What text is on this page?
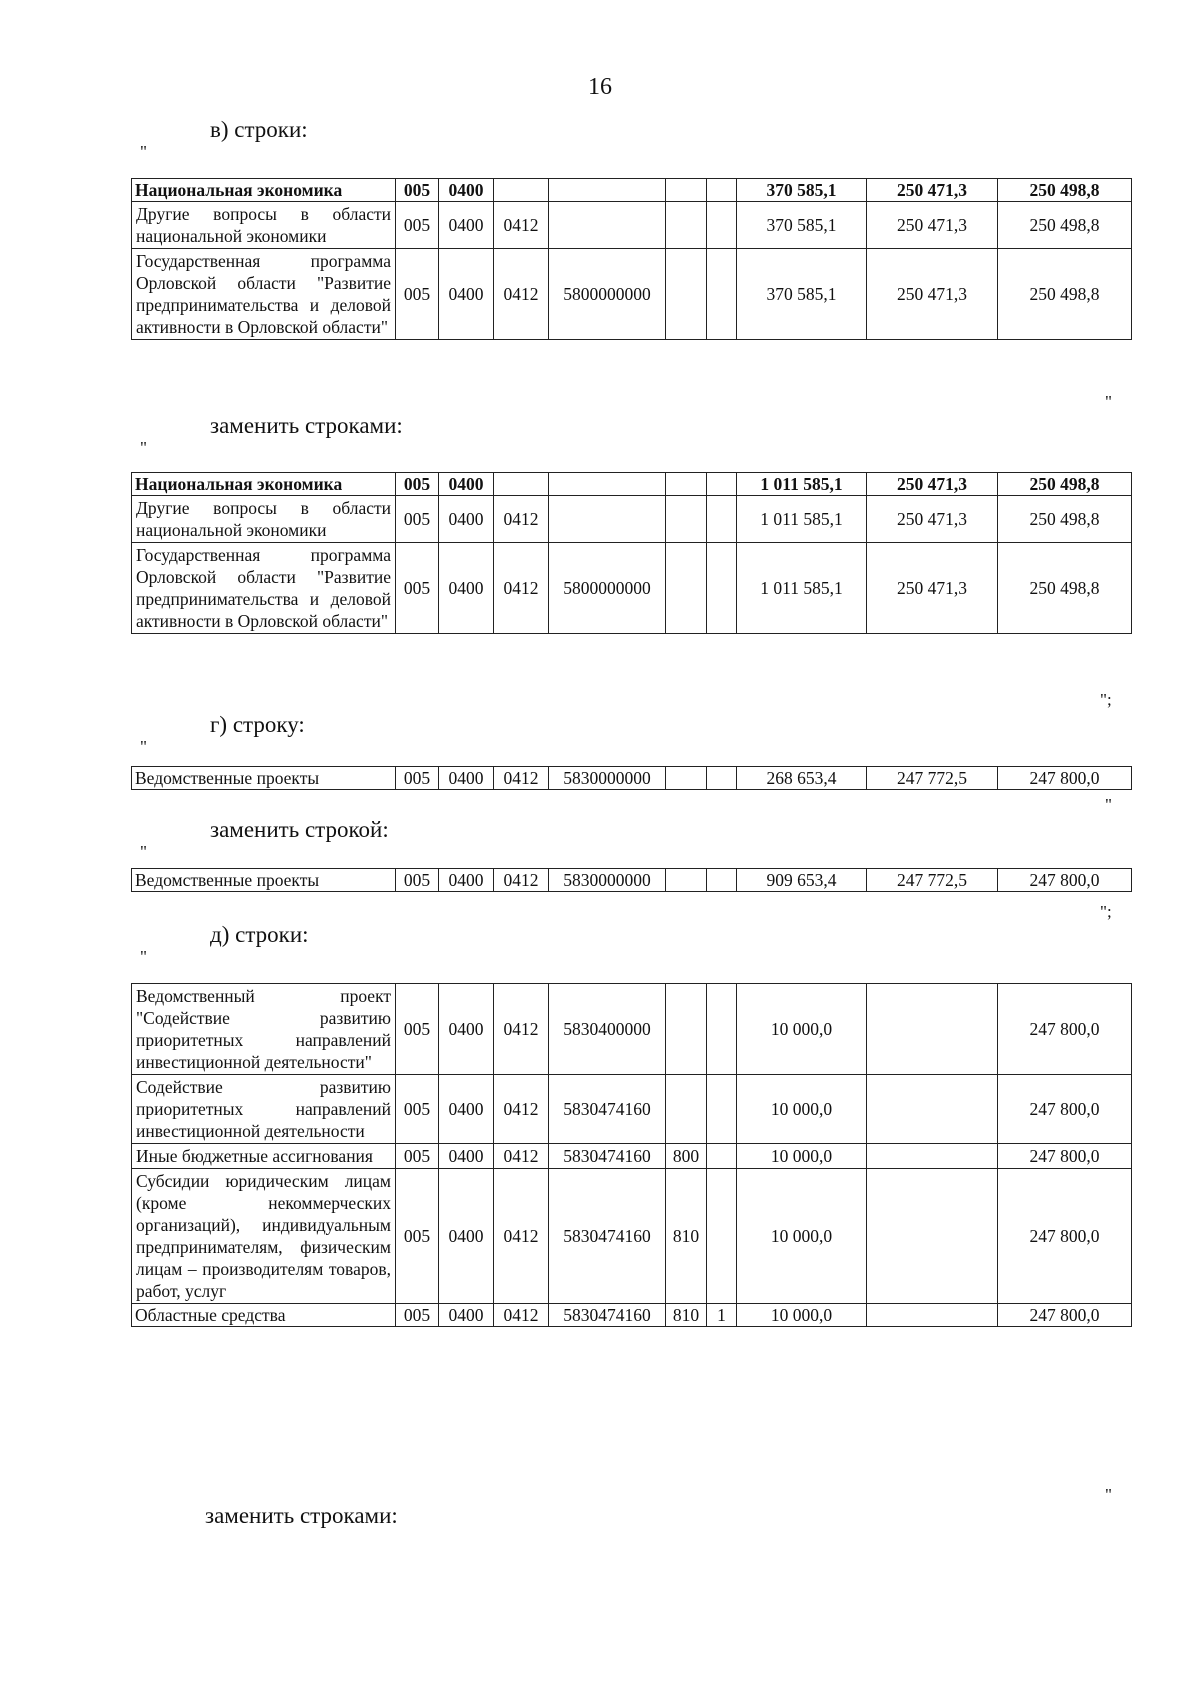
16
в) строки:
"
Национальная экономика	005	0400					370 585,1	250 471,3	250 498,8
Другие вопросы в области национальной экономики	005	0400	0412				370 585,1	250 471,3	250 498,8
Государственная программа Орловской области "Развитие предпринимательства и деловой активности в Орловской области"	005	0400	0412	5800000000			370 585,1	250 471,3	250 498,8
"
заменить строками:
"
Национальная экономика	005	0400					1 011 585,1	250 471,3	250 498,8
Другие вопросы в области национальной экономики	005	0400	0412				1 011 585,1	250 471,3	250 498,8
Государственная программа Орловской области "Развитие предпринимательства и деловой активности в Орловской области"	005	0400	0412	5800000000			1 011 585,1	250 471,3	250 498,8
";
г) строку:
"
Ведомственные проекты	005	0400	0412	5830000000			268 653,4	247 772,5	247 800,0
"
заменить строкой:
"
Ведомственные проекты	005	0400	0412	5830000000			909 653,4	247 772,5	247 800,0
";
д) строки:
"
Ведомственный проект "Содействие развитию приоритетных направлений инвестиционной деятельности"	005	0400	0412	5830400000			10 000,0		247 800,0
Содействие развитию приоритетных направлений инвестиционной деятельности	005	0400	0412	5830474160			10 000,0		247 800,0
Иные бюджетные ассигнования	005	0400	0412	5830474160	800		10 000,0		247 800,0
Субсидии юридическим лицам (кроме некоммерческих организаций), индивидуальным предпринимателям, физическим лицам – производителям товаров, работ, услуг	005	0400	0412	5830474160	810		10 000,0		247 800,0
Областные средства	005	0400	0412	5830474160	810	1	10 000,0		247 800,0
"
заменить строками:
